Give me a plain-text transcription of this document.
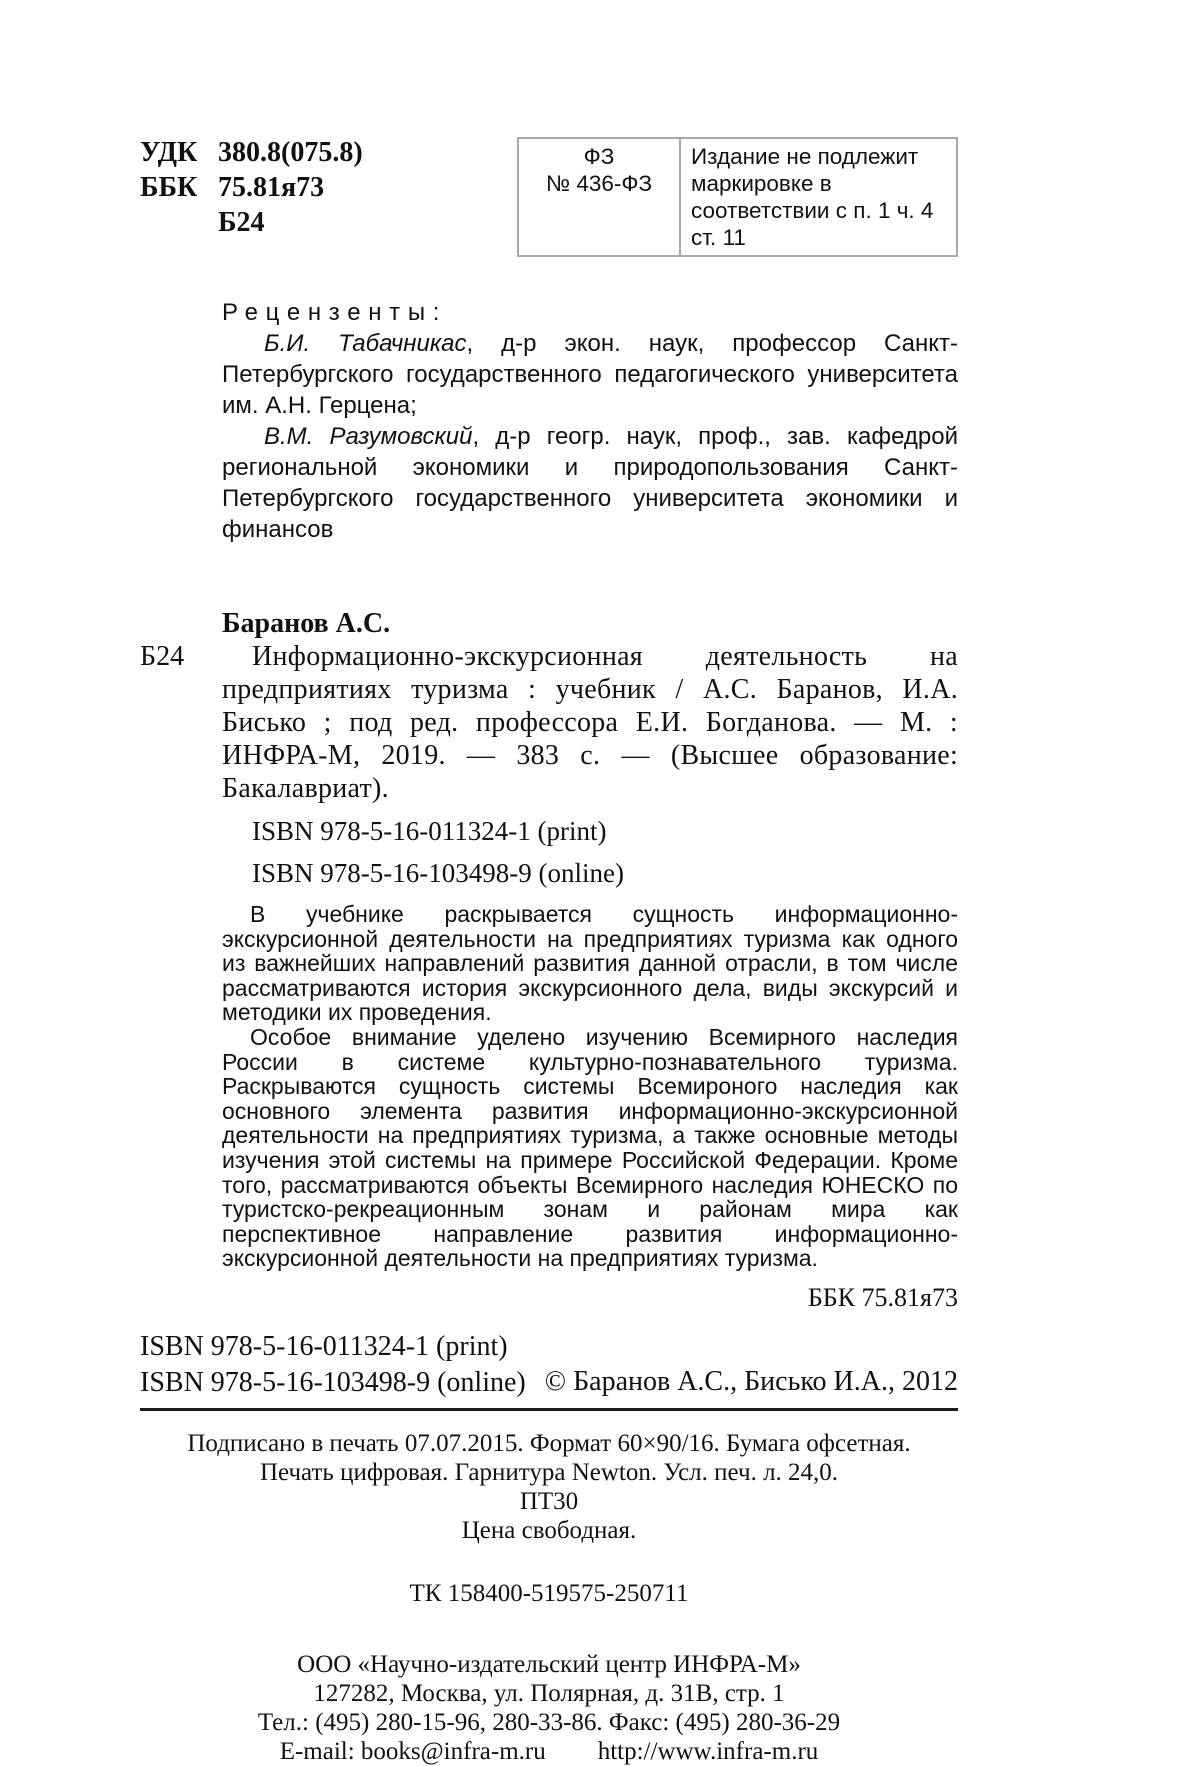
УДК 380.8(075.8)
ББК 75.81я73
Б24
ФЗ
№ 436-ФЗ
Издание не подлежит маркировке в соответствии с п. 1 ч. 4 ст. 11
Рецензенты:

Б.И. Табачникас, д-р экон. наук, профессор Санкт-Петербургского государственного педагогического университета им. А.Н. Герцена;

В.М. Разумовский, д-р геогр. наук, проф., зав. кафедрой региональной экономики и природопользования Санкт-Петербургского государственного университета экономики и финансов

Баранов А.С.

Б24	Информационно-экскурсионная деятельность на предприятиях туризма : учебник / А.С. Баранов, И.А. Бисько ; под ред. профессора Е.И. Богданова. — М. : ИНФРА-М, 2019. — 383 с. — (Высшее образование: Бакалавриат).

ISBN 978-5-16-011324-1 (print)

ISBN 978-5-16-103498-9 (online)

В учебнике раскрывается сущность информационно-экскурсионной деятельности на предприятиях туризма как одного из важнейших направлений развития данной отрасли, в том числе рассматриваются история экскурсионного дела, виды экскурсий и методики их проведения.

Особое внимание уделено изучению Всемирного наследия России в системе культурно-познавательного туризма. Раскрываются сущность системы Всемироного наследия как основного элемента развития информационно-экскурсионной деятельности на предприятиях туризма, а также основные методы изучения этой системы на примере Российской Федерации. Кроме того, рассматриваются объекты Всемирного наследия ЮНЕСКО по туристско-рекреационным зонам и районам мира как перспективное направление развития информационно-экскурсионной деятельности на предприятиях туризма.

ББК 75.81я73
ISBN 978-5-16-011324-1 (print)
ISBN 978-5-16-103498-9 (online) © Баранов А.С., Бисько И.А., 2012
Подписано в печать 07.07.2015. Формат 60×90/16. Бумага офсетная.
Печать цифровая. Гарнитура Newton. Усл. печ. л. 24,0.
ПТ30
Цена свободная.
ТК 158400-519575-250711
ООО «Научно-издательский центр ИНФРА-М»
127282, Москва, ул. Полярная, д. 31В, стр. 1
Тел.: (495) 280-15-96, 280-33-86. Факс: (495) 280-36-29
E-mail: books@infra-m.ru http://www.infra-m.ru
